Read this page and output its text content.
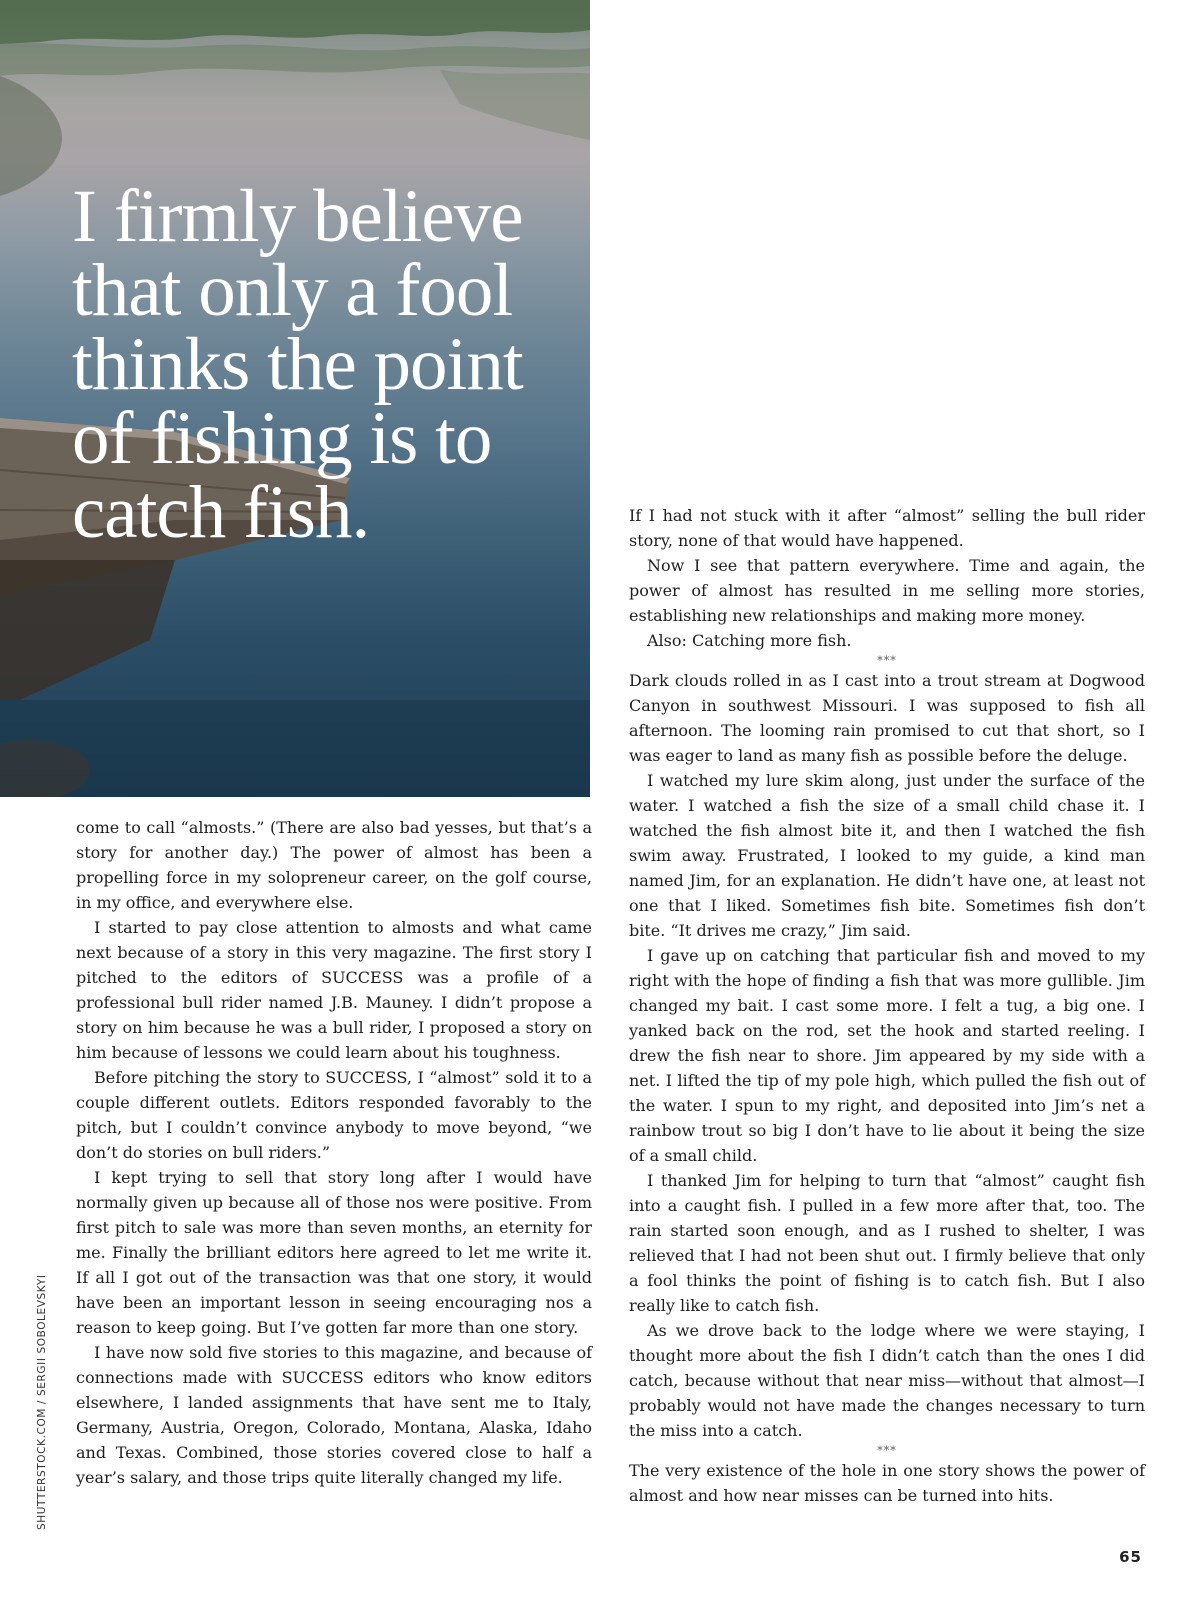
I firmly believe that only a fool thinks the point of fishing is to catch fish.

come to call “almosts.” (There are also bad yesses, but that’s a story for another day.) The power of almost has been a propelling force in my solopreneur career, on the golf course, in my office, and everywhere else.

I started to pay close attention to almosts and what came next because of a story in this very magazine. The first story I pitched to the editors of SUCCESS was a profile of a professional bull rider named J.B. Mauney. I didn’t propose a story on him because he was a bull rider, I proposed a story on him because of lessons we could learn about his toughness.

Before pitching the story to SUCCESS, I “almost” sold it to a couple different outlets. Editors responded favorably to the pitch, but I couldn’t convince anybody to move beyond, “we don’t do stories on bull riders.”

I kept trying to sell that story long after I would have normally given up because all of those nos were positive. From first pitch to sale was more than seven months, an eternity for me. Finally the brilliant editors here agreed to let me write it. If all I got out of the transaction was that one story, it would have been an important lesson in seeing encouraging nos a reason to keep going. But I’ve gotten far more than one story.

I have now sold five stories to this magazine, and because of connections made with SUCCESS editors who know editors elsewhere, I landed assignments that have sent me to Italy, Germany, Austria, Oregon, Colorado, Montana, Alaska, Idaho and Texas. Combined, those stories covered close to half a year’s salary, and those trips quite literally changed my life.

If I had not stuck with it after “almost” selling the bull rider story, none of that would have happened.

Now I see that pattern everywhere. Time and again, the power of almost has resulted in me selling more stories, establishing new relationships and making more money.

Also: Catching more fish.

***

Dark clouds rolled in as I cast into a trout stream at Dogwood Canyon in southwest Missouri. I was supposed to fish all afternoon. The looming rain promised to cut that short, so I was eager to land as many fish as possible before the deluge.

I watched my lure skim along, just under the surface of the water. I watched a fish the size of a small child chase it. I watched the fish almost bite it, and then I watched the fish swim away. Frustrated, I looked to my guide, a kind man named Jim, for an explanation. He didn’t have one, at least not one that I liked. Sometimes fish bite. Sometimes fish don’t bite. “It drives me crazy,” Jim said.

I gave up on catching that particular fish and moved to my right with the hope of finding a fish that was more gullible. Jim changed my bait. I cast some more. I felt a tug, a big one. I yanked back on the rod, set the hook and started reeling. I drew the fish near to shore. Jim appeared by my side with a net. I lifted the tip of my pole high, which pulled the fish out of the water. I spun to my right, and deposited into Jim’s net a rainbow trout so big I don’t have to lie about it being the size of a small child.

I thanked Jim for helping to turn that “almost” caught fish into a caught fish. I pulled in a few more after that, too. The rain started soon enough, and as I rushed to shelter, I was relieved that I had not been shut out. I firmly believe that only a fool thinks the point of fishing is to catch fish. But I also really like to catch fish.

As we drove back to the lodge where we were staying, I thought more about the fish I didn’t catch than the ones I did catch, because without that near miss—without that almost—I probably would not have made the changes necessary to turn the miss into a catch.

***

The very existence of the hole in one story shows the power of almost and how near misses can be turned into hits.

SHUTTERSTOCK.COM / SERGII SOBOLEVSKYI
65
